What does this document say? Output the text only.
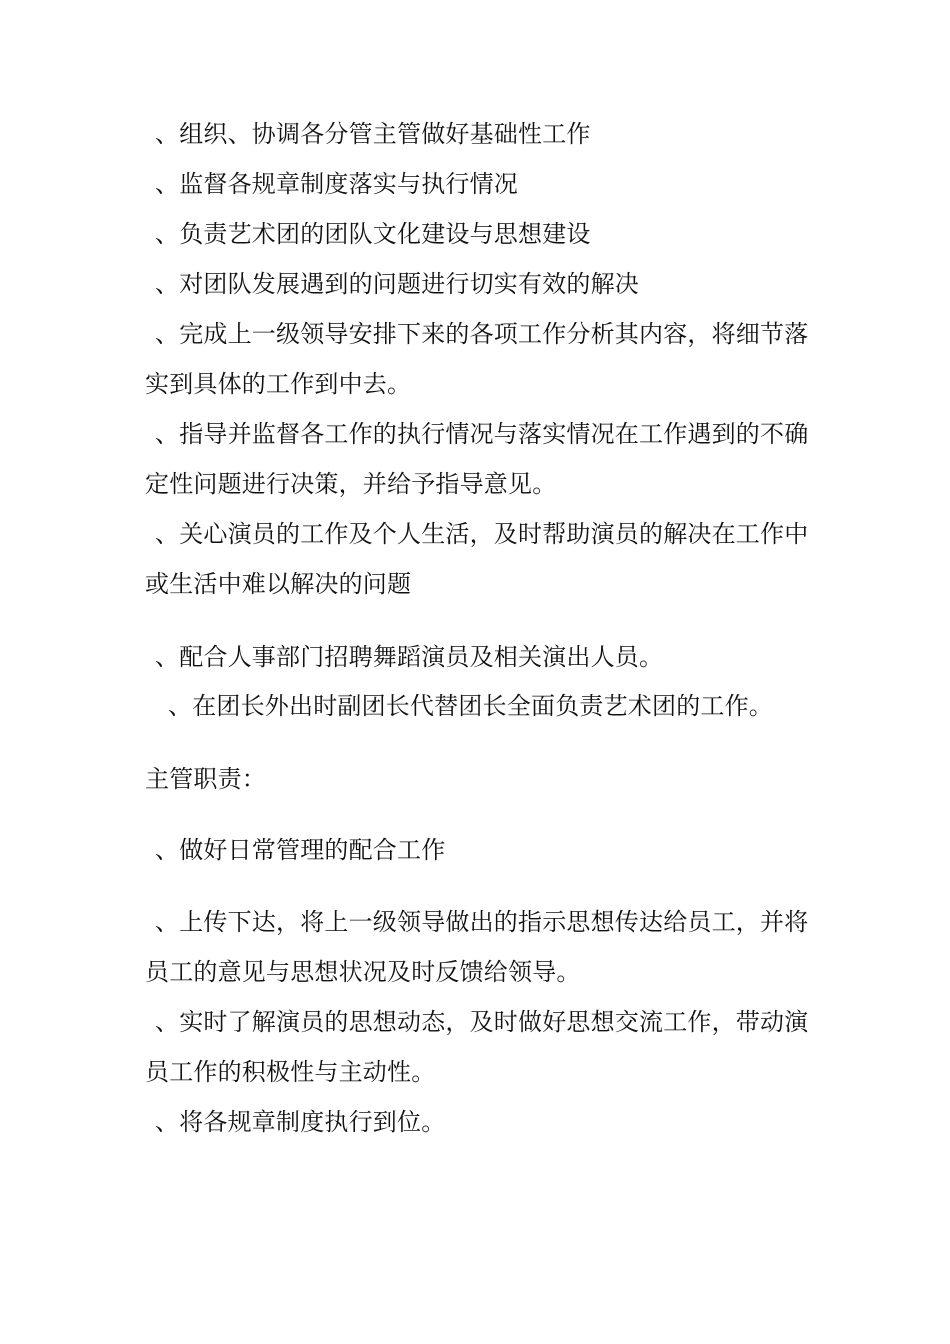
、组织、协调各分管主管做好基础性工作
、监督各规章制度落实与执行情况
、负责艺术团的团队文化建设与思想建设
、对团队发展遇到的问题进行切实有效的解决
、完成上一级领导安排下来的各项工作分析其内容，将细节落
实到具体的工作到中去。
、指导并监督各工作的执行情况与落实情况在工作遇到的不确
定性问题进行决策，并给予指导意见。
、关心演员的工作及个人生活，及时帮助演员的解决在工作中
或生活中难以解决的问题
、配合人事部门招聘舞蹈演员及相关演出人员。
、在团长外出时副团长代替团长全面负责艺术团的工作。
主管职责：
、做好日常管理的配合工作
、上传下达，将上一级领导做出的指示思想传达给员工，并将
员工的意见与思想状况及时反馈给领导。
、实时了解演员的思想动态，及时做好思想交流工作，带动演
员工作的积极性与主动性。
、将各规章制度执行到位。
